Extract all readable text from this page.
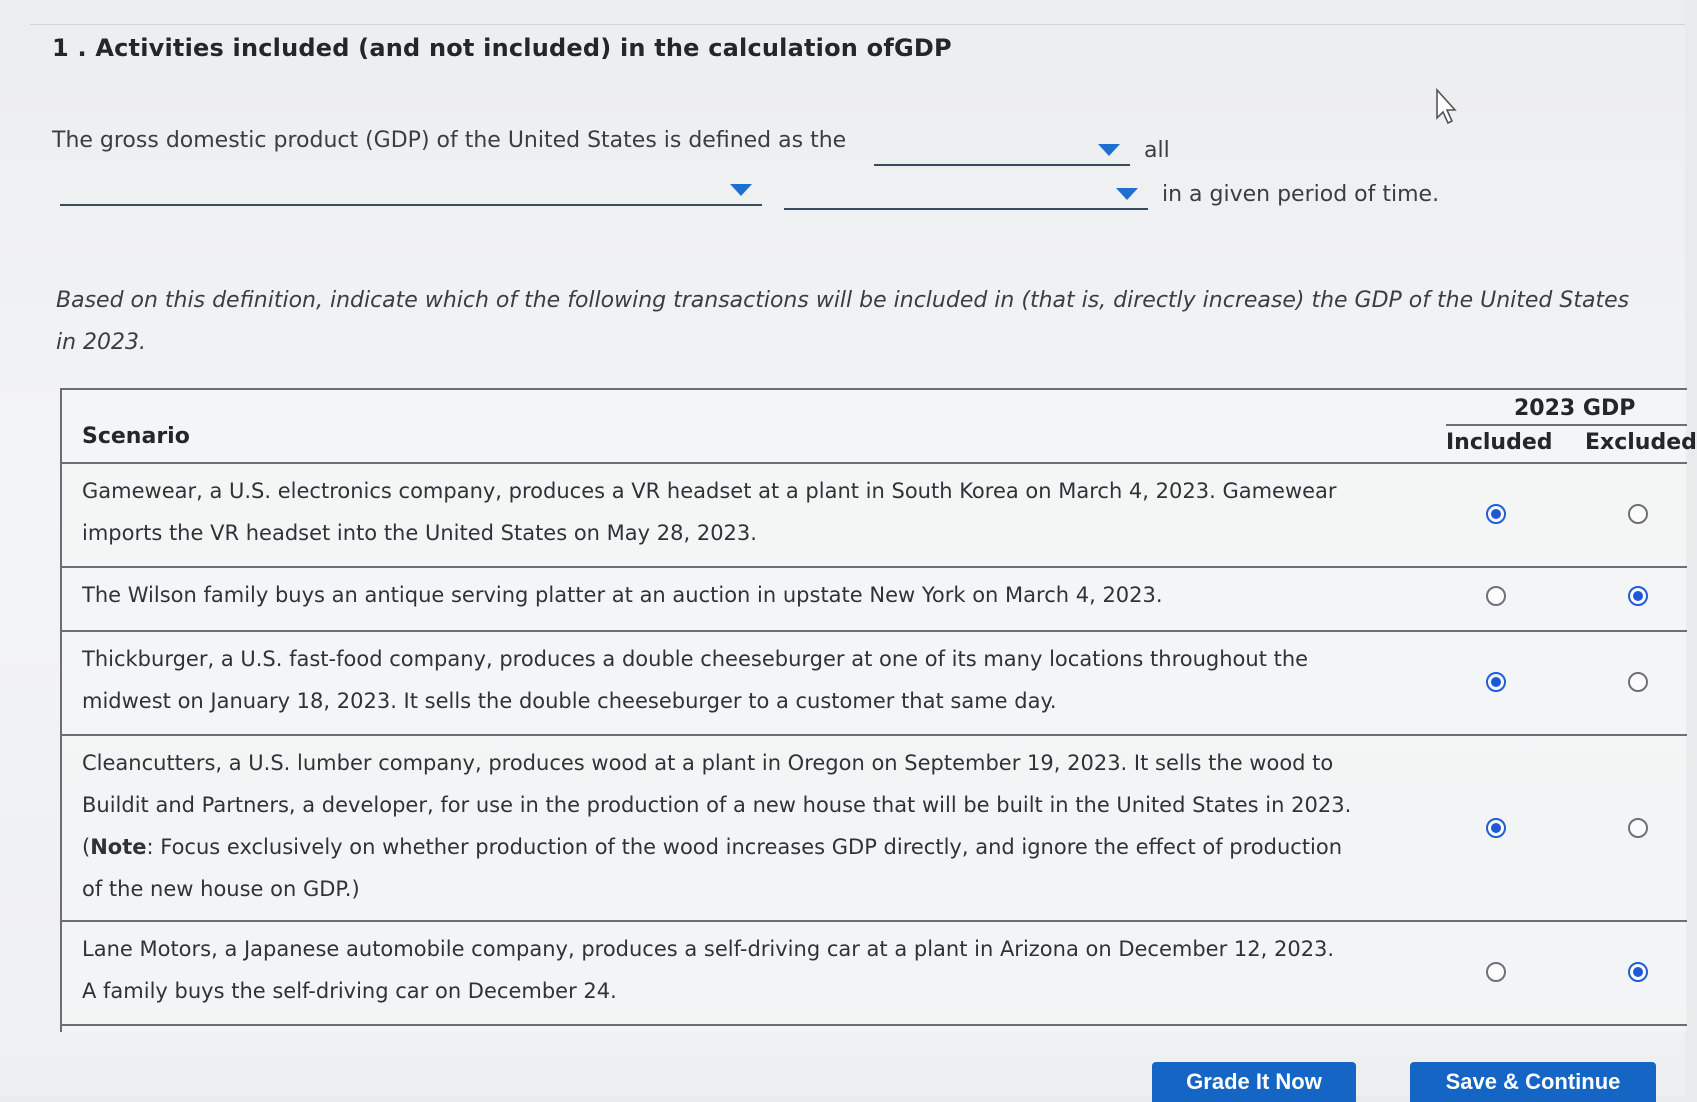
1 . Activities included (and not included) in the calculation ofGDP
The gross domestic product (GDP) of the United States is defined as the	all
in a given period of time.
Based on this definition, indicate which of the following transactions will be included in (that is, directly increase) the GDP of the United States in 2023.
Scenario
2023 GDP
Included Excluded
Gamewear, a U.S. electronics company, produces a VR headset at a plant in South Korea on March 4, 2023. Gamewear
imports the VR headset into the United States on May 28, 2023.
The Wilson family buys an antique serving platter at an auction in upstate New York on March 4, 2023.
Thickburger, a U.S. fast-food company, produces a double cheeseburger at one of its many locations throughout the
midwest on January 18, 2023. It sells the double cheeseburger to a customer that same day.
Cleancutters, a U.S. lumber company, produces wood at a plant in Oregon on September 19, 2023. It sells the wood to
Buildit and Partners, a developer, for use in the production of a new house that will be built in the United States in 2023.
(Note: Focus exclusively on whether production of the wood increases GDP directly, and ignore the effect of production
of the new house on GDP.)
Lane Motors, a Japanese automobile company, produces a self-driving car at a plant in Arizona on December 12, 2023.
A family buys the self-driving car on December 24.
Grade It Now	Save & Continue
